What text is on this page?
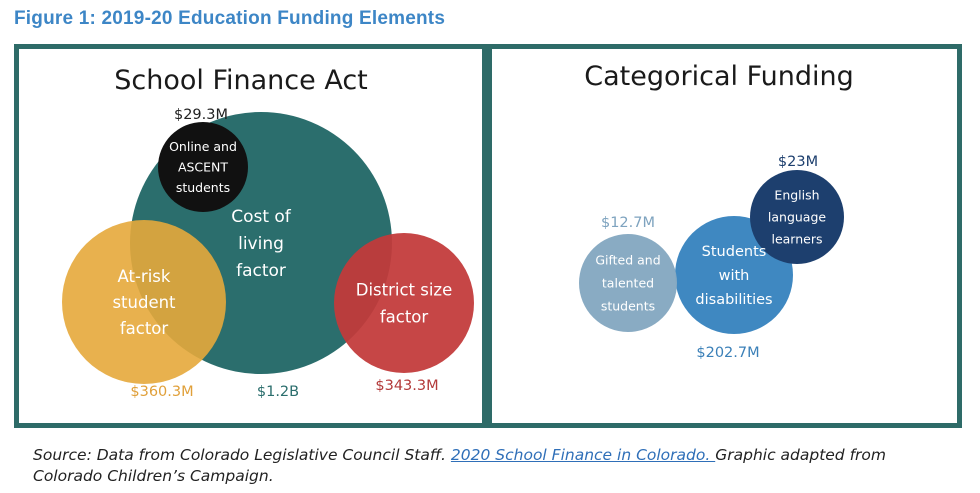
Figure 1: 2019-20 Education Funding Elements
School Finance Act
Cost of living factor
$1.2B
At-risk student factor
$360.3M
District size factor
$343.3M
Online and ASCENT students
$29.3M
Categorical Funding
Students with disabilities
$202.7M
Gifted and talented students
$12.7M
English language learners
$23M
Source: Data from Colorado Legislative Council Staff. 2020 School Finance in Colorado. Graphic adapted from Colorado Children’s Campaign.
